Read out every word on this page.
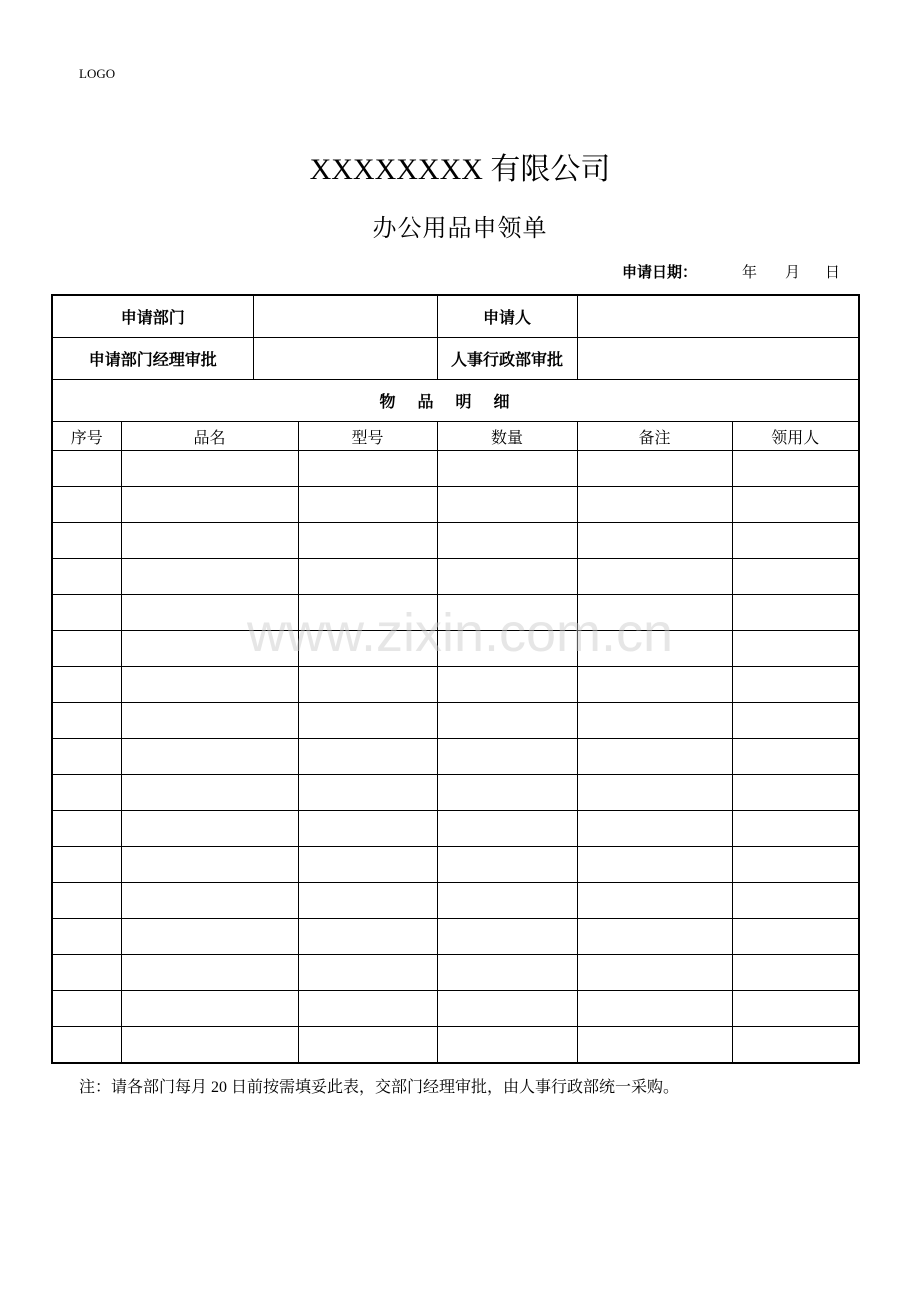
LOGO
XXXXXXXX 有限公司
办公用品申领单
申请日期：	年 月 日
申请部门				申请人		
申请部门经理审批				人事行政部审批		
物品明细						
序号	品名		型号	数量	备注	领用人

注：请各部门每月 20 日前按需填妥此表，交部门经理审批，由人事行政部统一采购。
www.zixin.com.cn
